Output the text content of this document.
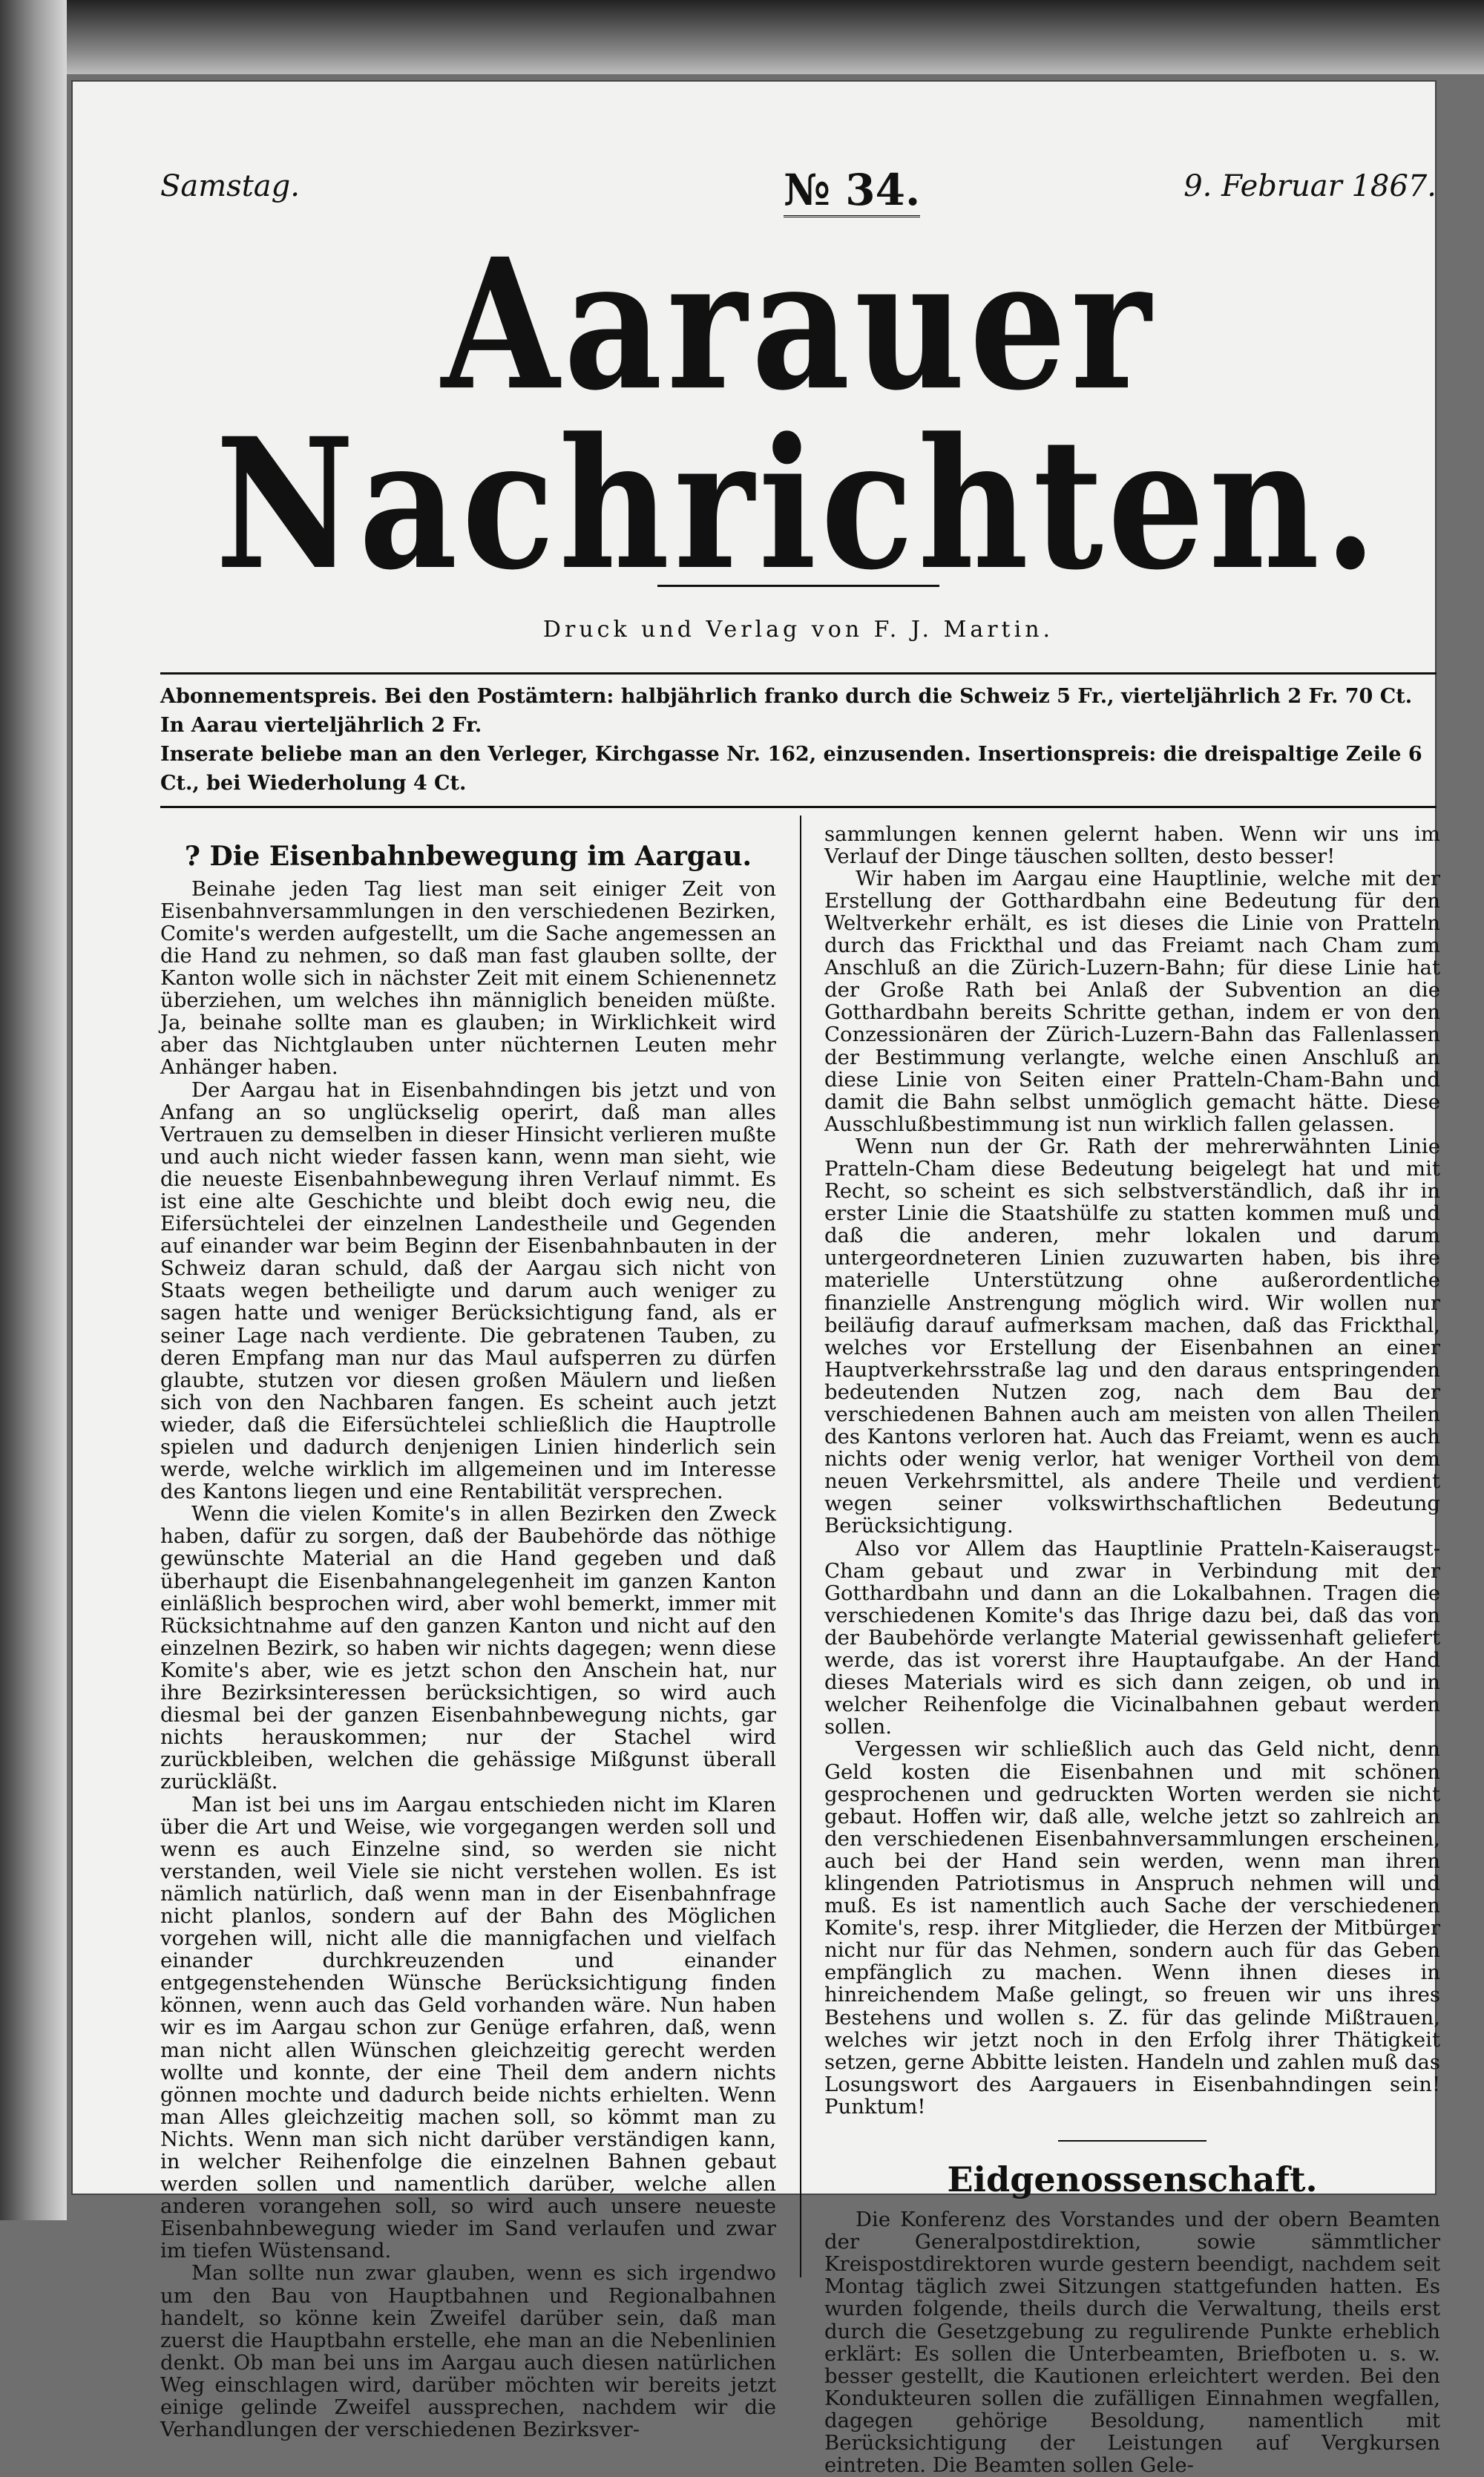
Samstag.	№ 34.	9. Februar 1867.
Aarauer Nachrichten.
Druck und Verlag von F. J. Martin.
Abonnementspreis. Bei den Postämtern: halbjährlich franko durch die Schweiz 5 Fr., vierteljährlich 2 Fr. 70 Ct. In Aarau vierteljährlich 2 Fr.
Inserate beliebe man an den Verleger, Kirchgasse Nr. 162, einzusenden. Insertionspreis: die dreispaltige Zeile 6 Ct., bei Wiederholung 4 Ct.
? Die Eisenbahnbewegung im Aargau.

Beinahe jeden Tag liest man seit einiger Zeit von Eisenbahnversammlungen in den verschiedenen Bezirken, Comite's werden aufgestellt, um die Sache angemessen an die Hand zu nehmen, so daß man fast glauben sollte, der Kanton wolle sich in nächster Zeit mit einem Schienennetz überziehen, um welches ihn männiglich beneiden müßte. Ja, beinahe sollte man es glauben; in Wirklichkeit wird aber das Nichtglauben unter nüchternen Leuten mehr Anhänger haben.

Der Aargau hat in Eisenbahndingen bis jetzt und von Anfang an so unglückselig operirt, daß man alles Vertrauen zu demselben in dieser Hinsicht verlieren mußte und auch nicht wieder fassen kann, wenn man sieht, wie die neueste Eisenbahnbewegung ihren Verlauf nimmt. Es ist eine alte Geschichte und bleibt doch ewig neu, die Eifersüchtelei der einzelnen Landestheile und Gegenden auf einander war beim Beginn der Eisenbahnbauten in der Schweiz daran schuld, daß der Aargau sich nicht von Staats wegen betheiligte und darum auch weniger zu sagen hatte und weniger Berücksichtigung fand, als er seiner Lage nach verdiente. Die gebratenen Tauben, zu deren Empfang man nur das Maul aufsperren zu dürfen glaubte, stutzen vor diesen großen Mäulern und ließen sich von den Nachbaren fangen. Es scheint auch jetzt wieder, daß die Eifersüchtelei schließlich die Hauptrolle spielen und dadurch denjenigen Linien hinderlich sein werde, welche wirklich im allgemeinen und im Interesse des Kantons liegen und eine Rentabilität versprechen.

Wenn die vielen Komite's in allen Bezirken den Zweck haben, dafür zu sorgen, daß der Baubehörde das nöthige gewünschte Material an die Hand gegeben und daß überhaupt die Eisenbahnangelegenheit im ganzen Kanton einläßlich besprochen wird, aber wohl bemerkt, immer mit Rücksichtnahme auf den ganzen Kanton und nicht auf den einzelnen Bezirk, so haben wir nichts dagegen; wenn diese Komite's aber, wie es jetzt schon den Anschein hat, nur ihre Bezirksinteressen berücksichtigen, so wird auch diesmal bei der ganzen Eisenbahnbewegung nichts, gar nichts herauskommen; nur der Stachel wird zurückbleiben, welchen die gehässige Mißgunst überall zurückläßt.

Man ist bei uns im Aargau entschieden nicht im Klaren über die Art und Weise, wie vorgegangen werden soll und wenn es auch Einzelne sind, so werden sie nicht verstanden, weil Viele sie nicht verstehen wollen. Es ist nämlich natürlich, daß wenn man in der Eisenbahnfrage nicht planlos, sondern auf der Bahn des Möglichen vorgehen will, nicht alle die mannigfachen und vielfach einander durchkreuzenden und einander entgegenstehenden Wünsche Berücksichtigung finden können, wenn auch das Geld vorhanden wäre. Nun haben wir es im Aargau schon zur Genüge erfahren, daß, wenn man nicht allen Wünschen gleichzeitig gerecht werden wollte und konnte, der eine Theil dem andern nichts gönnen mochte und dadurch beide nichts erhielten. Wenn man Alles gleichzeitig machen soll, so kömmt man zu Nichts. Wenn man sich nicht darüber verständigen kann, in welcher Reihenfolge die einzelnen Bahnen gebaut werden sollen und namentlich darüber, welche allen anderen vorangehen soll, so wird auch unsere neueste Eisenbahnbewegung wieder im Sand verlaufen und zwar im tiefen Wüstensand.

Man sollte nun zwar glauben, wenn es sich irgendwo um den Bau von Hauptbahnen und Regionalbahnen handelt, so könne kein Zweifel darüber sein, daß man zuerst die Hauptbahn erstelle, ehe man an die Nebenlinien denkt. Ob man bei uns im Aargau auch diesen natürlichen Weg einschlagen wird, darüber möchten wir bereits jetzt einige gelinde Zweifel aussprechen, nachdem wir die Verhandlungen der verschiedenen Bezirksver-

sammlungen kennen gelernt haben. Wenn wir uns im Verlauf der Dinge täuschen sollten, desto besser!

Wir haben im Aargau eine Hauptlinie, welche mit der Erstellung der Gotthardbahn eine Bedeutung für den Weltverkehr erhält, es ist dieses die Linie von Pratteln durch das Frickthal und das Freiamt nach Cham zum Anschluß an die Zürich-Luzern-Bahn; für diese Linie hat der Große Rath bei Anlaß der Subvention an die Gotthardbahn bereits Schritte gethan, indem er von den Conzessionären der Zürich-Luzern-Bahn das Fallenlassen der Bestimmung verlangte, welche einen Anschluß an diese Linie von Seiten einer Pratteln-Cham-Bahn und damit die Bahn selbst unmöglich gemacht hätte. Diese Ausschlußbestimmung ist nun wirklich fallen gelassen.

Wenn nun der Gr. Rath der mehrerwähnten Linie Pratteln-Cham diese Bedeutung beigelegt hat und mit Recht, so scheint es sich selbstverständlich, daß ihr in erster Linie die Staatshülfe zu statten kommen muß und daß die anderen, mehr lokalen und darum untergeordneteren Linien zuzuwarten haben, bis ihre materielle Unterstützung ohne außerordentliche finanzielle Anstrengung möglich wird. Wir wollen nur beiläufig darauf aufmerksam machen, daß das Frickthal, welches vor Erstellung der Eisenbahnen an einer Hauptverkehrsstraße lag und den daraus entspringenden bedeutenden Nutzen zog, nach dem Bau der verschiedenen Bahnen auch am meisten von allen Theilen des Kantons verloren hat. Auch das Freiamt, wenn es auch nichts oder wenig verlor, hat weniger Vortheil von dem neuen Verkehrsmittel, als andere Theile und verdient wegen seiner volkswirthschaftlichen Bedeutung Berücksichtigung.

Also vor Allem das Hauptlinie Pratteln-Kaiseraugst-Cham gebaut und zwar in Verbindung mit der Gotthardbahn und dann an die Lokalbahnen. Tragen die verschiedenen Komite's das Ihrige dazu bei, daß das von der Baubehörde verlangte Material gewissenhaft geliefert werde, das ist vorerst ihre Hauptaufgabe. An der Hand dieses Materials wird es sich dann zeigen, ob und in welcher Reihenfolge die Vicinalbahnen gebaut werden sollen.

Vergessen wir schließlich auch das Geld nicht, denn Geld kosten die Eisenbahnen und mit schönen gesprochenen und gedruckten Worten werden sie nicht gebaut. Hoffen wir, daß alle, welche jetzt so zahlreich an den verschiedenen Eisenbahnversammlungen erscheinen, auch bei der Hand sein werden, wenn man ihren klingenden Patriotismus in Anspruch nehmen will und muß. Es ist namentlich auch Sache der verschiedenen Komite's, resp. ihrer Mitglieder, die Herzen der Mitbürger nicht nur für das Nehmen, sondern auch für das Geben empfänglich zu machen. Wenn ihnen dieses in hinreichendem Maße gelingt, so freuen wir uns ihres Bestehens und wollen s. Z. für das gelinde Mißtrauen, welches wir jetzt noch in den Erfolg ihrer Thätigkeit setzen, gerne Abbitte leisten. Handeln und zahlen muß das Losungswort des Aargauers in Eisenbahndingen sein! Punktum!

Eidgenossenschaft.

Die Konferenz des Vorstandes und der obern Beamten der Generalpostdirektion, sowie sämmtlicher Kreispostdirektoren wurde gestern beendigt, nachdem seit Montag täglich zwei Sitzungen stattgefunden hatten. Es wurden folgende, theils durch die Verwaltung, theils erst durch die Gesetzgebung zu regulirende Punkte erheblich erklärt: Es sollen die Unterbeamten, Briefboten u. s. w. besser gestellt, die Kautionen erleichtert werden. Bei den Kondukteuren sollen die zufälligen Einnahmen wegfallen, dagegen gehörige Besoldung, namentlich mit Berücksichtigung der Leistungen auf Vergkursen eintreten. Die Beamten sollen Gele-
